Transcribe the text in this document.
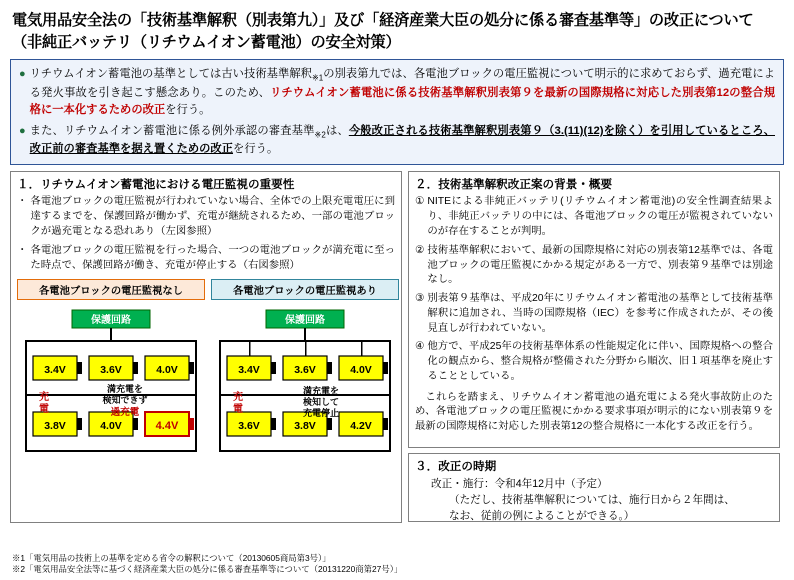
電気用品安全法の「技術基準解釈（別表第九）」及び「経済産業大臣の処分に係る審査基準等」の改正について（非純正バッテリ（リチウムイオン蓄電池）の安全対策）
● リチウムイオン蓄電池の基準としては古い技術基準解釈$_{※1}$の別表第九では、各電池ブロックの電圧監視について明示的に求めておらず、過充電による発火事故を引き起こす懸念あり。このため、リチウムイオン蓄電池に係る技術基準解釈別表第９を最新の国際規格に対応した別表第12の整合規格に一本化するための改正を行う。
● また、リチウムイオン蓄電池に係る例外承認の審査基準$_{※2}$は、今般改正される技術基準解釈別表第９（3.(11)(12)を除く）を引用しているところ、改正前の審査基準を据え置くための改正を行う。
１．リチウムイオン蓄電池における電圧監視の重要性
・ 各電池ブロックの電圧監視が行われていない場合、全体での上限充電電圧に到達するまでを、保護回路が働かず、充電が継続されるため、一部の電池ブロックが過充電となる恐れあり（左図参照）
・ 各電池ブロックの電圧監視を行った場合、一つの電池ブロックが満充電に至った時点で、保護回路が働き、充電が停止する（右図参照）
各電池ブロックの電圧監視なし
保護回路
3.4V	3.6V	4.0V
3.8V	4.0V	4.4V
充
電
満充電を
検知できず
過充電
各電池ブロックの電圧監視あり
保護回路
3.4V	3.6V	4.0V
3.6V	3.8V	4.2V
充
電
満充電を
検知して
充電停止
２．技術基準解釈改正案の背景・概要
① NITEによる非純正バッテリ(リチウムイオン蓄電池)の安全性調査結果より、非純正バッテリの中には、各電池ブロックの電圧が監視されていないのが存在することが判明。
② 技術基準解釈において、最新の国際規格に対応の別表第12基準では、各電池ブロックの電圧監視にかかる規定がある一方で、別表第９基準では別途なし。
③ 別表第９基準は、平成20年にリチウムイオン蓄電池の基準として技術基準解釈に追加され、当時の国際規格（IEC）を参考に作成されたが、その後見直しが行われていない。
④ 他方で、平成25年の技術基準体系の性能規定化に伴い、国際規格への整合化の観点から、整合規格が整備された分野から順次、旧１項基準を廃止することとしている。
　これらを踏まえ、リチウムイオン蓄電池の過充電による発火事故防止のため、各電池ブロックの電圧監視にかかる要求事項が明示的にない別表第９を最新の国際規格に対応した別表第12の整合規格に一本化する改正を行う。
３．改正の時期
改正・施行：令和4年12月中（予定）
（ただし、技術基準解釈については、施行日から２年間は、
なお、従前の例によることができる。）
※1「電気用品の技術上の基準を定める省令の解釈について（20130605商局第3号）」
※2「電気用品安全法等に基づく経済産業大臣の処分に係る審査基準等について（20131220商第27号）」
